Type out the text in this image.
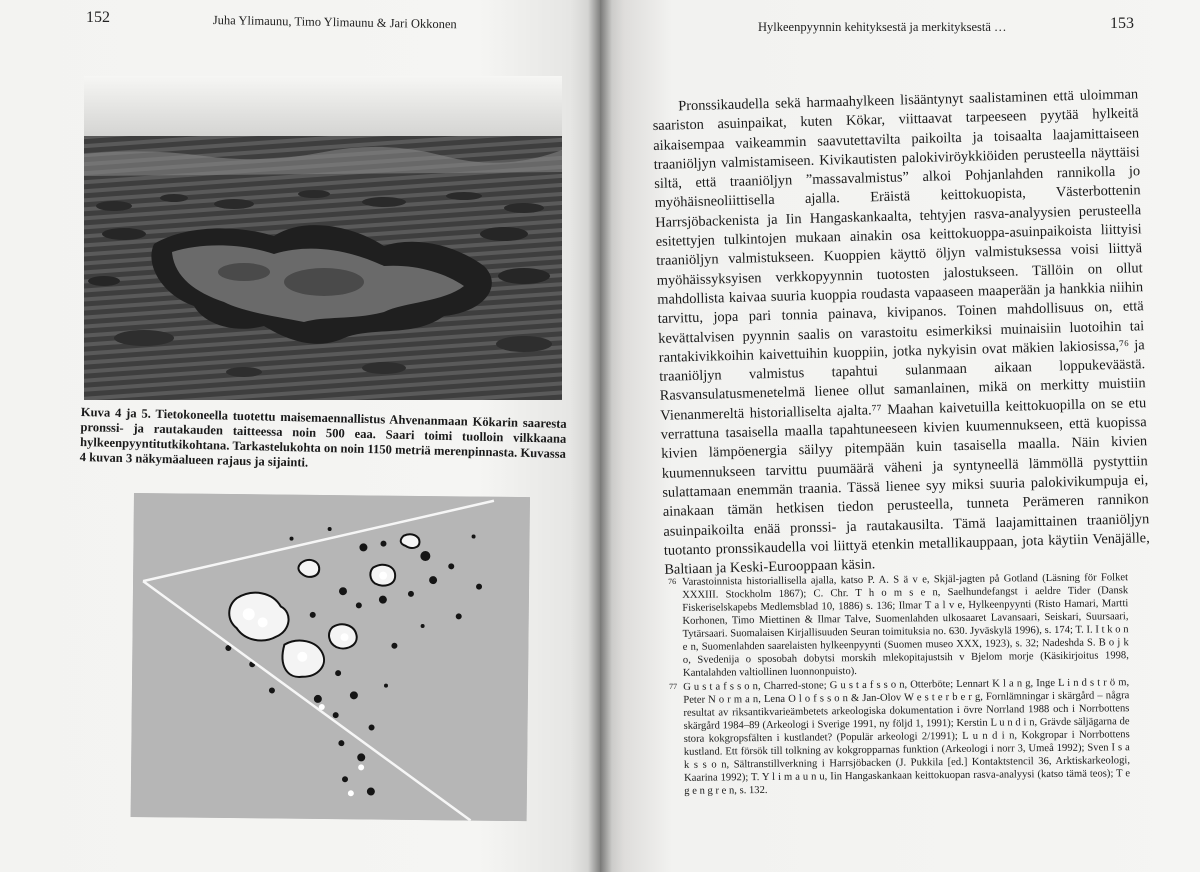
152	Juha Ylimaunu, Timo Ylimaunu & Jari Okkonen
Kuva 4 ja 5. Tietokoneella tuotettu maisemaennallistus Ahvenanmaan Kökarin saaresta pronssi- ja rautakauden taitteessa noin 500 eaa. Saari toimi tuolloin vilkkaana hylkeenpyyntitutkikohtana. Tarkastelukohta on noin 1150 metriä merenpinnasta. Kuvassa 4 kuvan 3 näkymäalueen rajaus ja sijainti.
Hylkeenpyynnin kehityksestä ja merkityksestä …	153

Pronssikaudella sekä harmaahylkeen lisääntynyt saalistaminen että uloimman saariston asuinpaikat, kuten Kökar, viittaavat tarpeeseen pyytää hylkeitä aikaisempaa vaikeammin saavutettavilta paikoilta ja toisaalta laajamittaiseen traaniöljyn valmistamiseen. Kivikautisten palokiviröykkiöiden perusteella näyttäisi siltä, että traaniöljyn ”massavalmistus” alkoi Pohjanlahden rannikolla jo myöhäisneoliittisella ajalla. Eräistä keittokuopista, Västerbottenin Harrsjöbackenista ja Iin Hangaskankaalta, tehtyjen rasva-analyysien perusteella esitettyjen tulkintojen mukaan ainakin osa keittokuoppa-asuinpaikoista liittyisi traaniöljyn valmistukseen. Kuoppien käyttö öljyn valmistuksessa voisi liittyä myöhäissyksyisen verkkopyynnin tuotosten jalostukseen. Tällöin on ollut mahdollista kaivaa suuria kuoppia roudasta vapaaseen maaperään ja hankkia niihin tarvittu, jopa pari tonnia painava, kivipanos. Toinen mahdollisuus on, että kevättalvisen pyynnin saalis on varastoitu esimerkiksi muinaisiin luotoihin tai rantakivikkoihin kaivettuihin kuoppiin, jotka nykyisin ovat mäkien lakiosissa,⁷⁶ ja traaniöljyn valmistus tapahtui sulanmaan aikaan loppukeväästä. Rasvansulatusmenetelmä lienee ollut samanlainen, mikä on merkitty muistiin Vienanmereltä historialliselta ajalta.⁷⁷ Maahan kaivetuilla keittokuopilla on se etu verrattuna tasaisella maalla tapahtuneeseen kivien kuumennukseen, että kuopissa kivien lämpöenergia säilyy pitempään kuin tasaisella maalla. Näin kivien kuumennukseen tarvittu puumäärä väheni ja syntyneellä lämmöllä pystyttiin sulattamaan enemmän traania. Tässä lienee syy miksi suuria palokivikumpuja ei, ainakaan tämän hetkisen tiedon perusteella, tunneta Perämeren rannikon asuinpaikoilta enää pronssi- ja rautakausilta. Tämä laajamittainen traaniöljyn tuotanto pronssikaudella voi liittyä etenkin metallikauppaan, jota käytiin Venäjälle, Baltiaan ja Keski-Eurooppaan käsin.

76 Varastoinnista historiallisella ajalla, katso P. A. S ä v e, Skjäl-jagten på Gotland (Läsning för Folket XXXIII. Stockholm 1867); C. Chr. T h o m s e n, Saelhundefangst i aeldre Tider (Dansk Fiskeriselskapebs Medlemsblad 10, 1886) s. 136; Ilmar T a l v e, Hylkeenpyynti (Risto Hamari, Martti Korhonen, Timo Miettinen & Ilmar Talve, Suomenlahden ulkosaaret Lavansaari, Seiskari, Suursaari, Tytärsaari. Suomalaisen Kirjallisuuden Seuran toimituksia no. 630. Jyväskylä 1996), s. 174; T. I. I t k o n e n, Suomenlahden saarelaisten hylkeenpyynti (Suomen museo XXX, 1923), s. 32; Nadeshda S. B o j k o, Svedenija o sposobah dobytsi morskih mlekopitajustsih v Bjelom morje (Käsikirjoitus 1998, Kantalahden valtiollinen luonnonpuisto).
77 G u s t a f s s o n, Charred-stone; G u s t a f s s o n, Otterböte; Lennart K l a n g, Inge L i n d s t r ö m, Peter N o r m a n, Lena O l o f s s o n & Jan-Olov W e s t e r b e r g, Fornlämningar i skärgård – några resultat av riksantikvarieämbetets arkeologiska dokumentation i övre Norrland 1988 och i Norrbottens skärgård 1984–89 (Arkeologi i Sverige 1991, ny följd 1, 1991); Kerstin L u n d i n, Grävde säljägarna de stora kokgropsfälten i kustlandet? (Populär arkeologi 2/1991); L u n d i n, Kokgropar i Norrbottens kustland. Ett försök till tolkning av kokgropparnas funktion (Arkeologi i norr 3, Umeå 1992); Sven I s a k s s o n, Sältranstillverkning i Harrsjöbacken (J. Pukkila [ed.] Kontaktstencil 36, Arktiskarkeologi, Kaarina 1992); T. Y l i m a u n u, Iin Hangaskankaan keittokuopan rasva-analyysi (katso tämä teos); T e g e n g r e n, s. 132.
